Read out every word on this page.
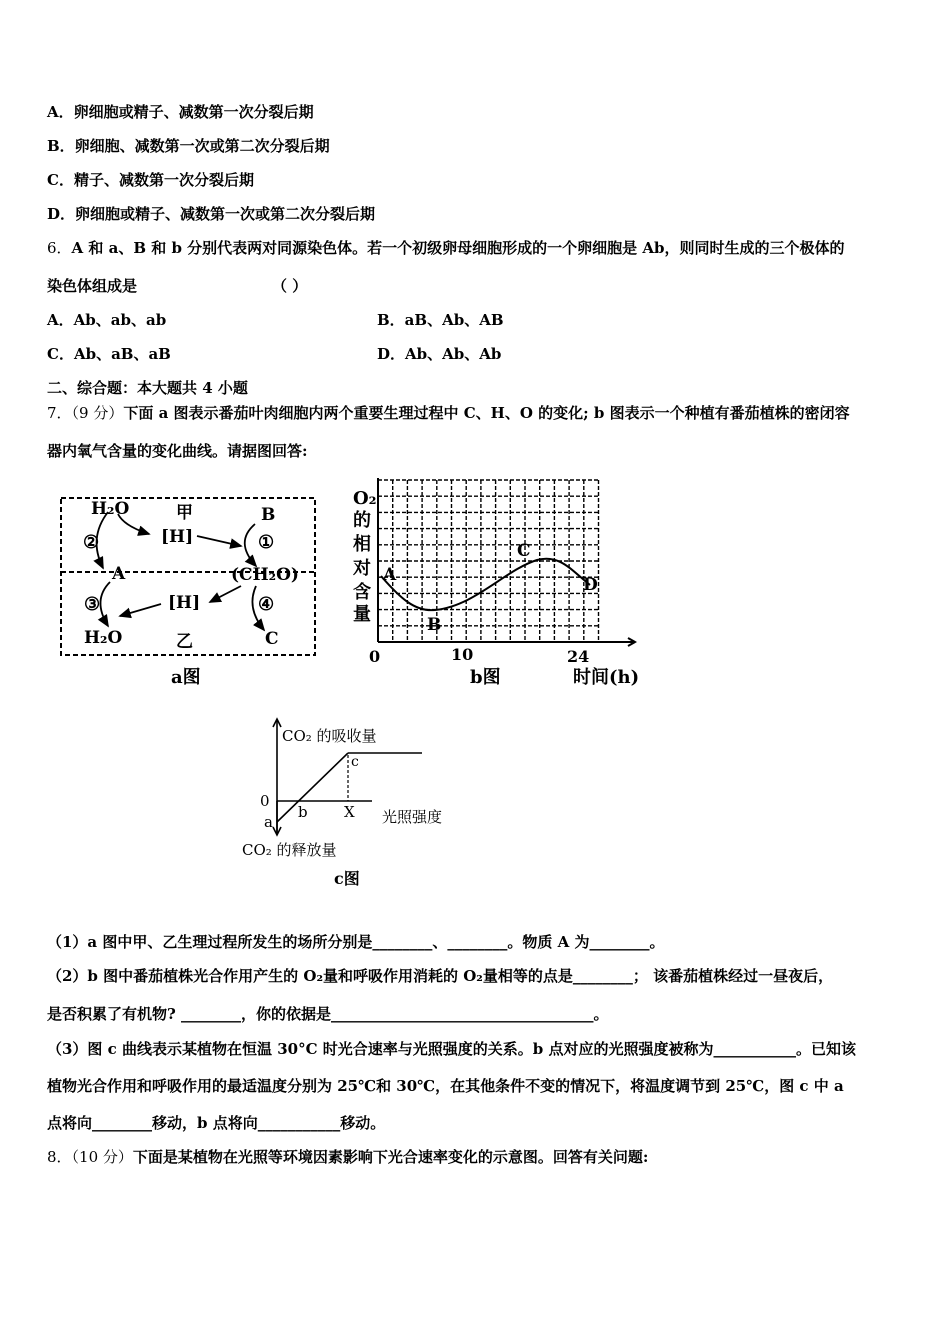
A．卵细胞或精子、减数第一次分裂后期
B．卵细胞、减数第一次或第二次分裂后期
C．精子、减数第一次分裂后期
D．卵细胞或精子、减数第一次或第二次分裂后期
6．A 和 a、B 和 b 分别代表两对同源染色体。若一个初级卵母细胞形成的一个卵细胞是 Ab，则同时生成的三个极体的
染色体组成是	（ ）
A．Ab、ab、ab	B．aB、Ab、AB
C．Ab、aB、aB	D．Ab、Ab、Ab
二、综合题：本大题共 4 小题
7．（9 分）下面 a 图表示番茄叶肉细胞内两个重要生理过程中 C、H、O 的变化; b 图表示一个种植有番茄植株的密闭容
器内氧气含量的变化曲线。请据图回答:
H₂O	甲	B
[H]
②	①
A	(CH₂O)
③	[H]	④
H₂O	乙	C
a图
O₂
的
相
对
含
量
A
B
C
D
0	10	24
b图	时间(h)
CO₂ 的吸收量
0
a
b X
c
光照强度
CO₂ 的释放量
c图
（1）a 图中甲、乙生理过程所发生的场所分别是________、________。物质 A 为________。
（2）b 图中番茄植株光合作用产生的 O₂量和呼吸作用消耗的 O₂量相等的点是________； 该番茄植株经过一昼夜后，
是否积累了有机物? ________，你的依据是___________________________________。
（3）图 c 曲线表示某植物在恒温 30°C 时光合速率与光照强度的关系。b 点对应的光照强度被称为___________。已知该
植物光合作用和呼吸作用的最适温度分别为 25℃和 30℃，在其他条件不变的情况下，将温度调节到 25℃，图 c 中 a
点将向________移动，b 点将向___________移动。
8．（10 分）下面是某植物在光照等环境因素影响下光合速率变化的示意图。回答有关问题:
